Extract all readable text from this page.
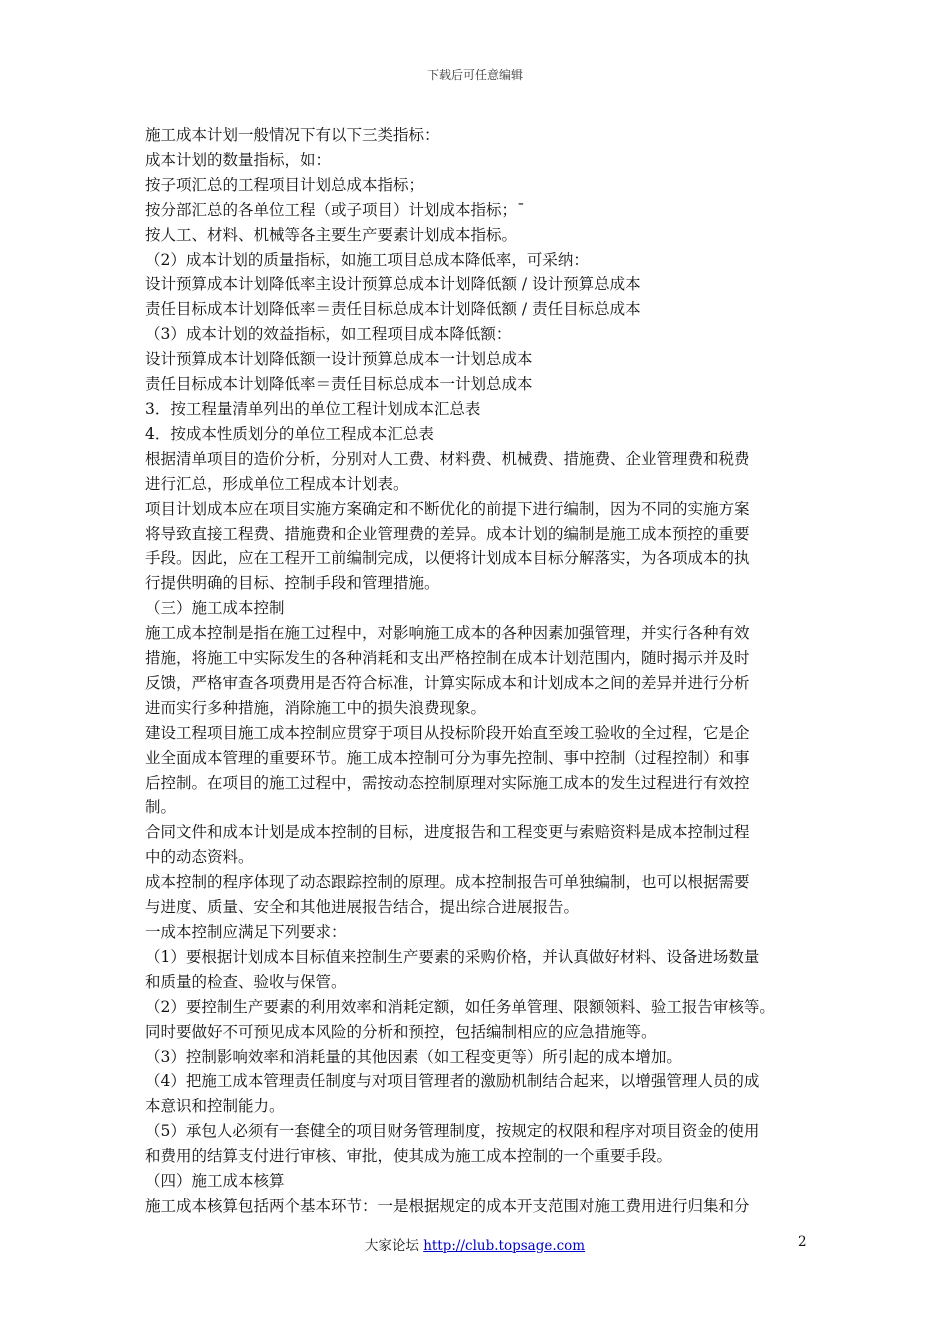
下载后可任意编辑
施工成本计划一般情况下有以下三类指标：
成本计划的数量指标，如：
按子项汇总的工程项目计划总成本指标；
按分部汇总的各单位工程（或子项目）计划成本指标；¯
按人工、材料、机械等各主要生产要素计划成本指标。
（2）成本计划的质量指标，如施工项目总成本降低率，可采纳：
设计预算成本计划降低率主设计预算总成本计划降低额 / 设计预算总成本
责任目标成本计划降低率＝责任目标总成本计划降低额 / 责任目标总成本
（3）成本计划的效益指标，如工程项目成本降低额：
设计预算成本计划降低额一设计预算总成本一计划总成本
责任目标成本计划降低率＝责任目标总成本一计划总成本
3．按工程量清单列出的单位工程计划成本汇总表
4．按成本性质划分的单位工程成本汇总表
根据清单项目的造价分析，分别对人工费、材料费、机械费、措施费、企业管理费和税费
进行汇总，形成单位工程成本计划表。
项目计划成本应在项目实施方案确定和不断优化的前提下进行编制，因为不同的实施方案
将导致直接工程费、措施费和企业管理费的差异。成本计划的编制是施工成本预控的重要
手段。因此，应在工程开工前编制完成，以便将计划成本目标分解落实，为各项成本的执
行提供明确的目标、控制手段和管理措施。
（三）施工成本控制
施工成本控制是指在施工过程中，对影响施工成本的各种因素加强管理，并实行各种有效
措施，将施工中实际发生的各种消耗和支出严格控制在成本计划范围内，随时揭示并及时
反馈，严格审查各项费用是否符合标准，计算实际成本和计划成本之间的差异并进行分析
进而实行多种措施，消除施工中的损失浪费现象。
建设工程项目施工成本控制应贯穿于项目从投标阶段开始直至竣工验收的全过程，它是企
业全面成本管理的重要环节。施工成本控制可分为事先控制、事中控制（过程控制）和事
后控制。在项目的施工过程中，需按动态控制原理对实际施工成本的发生过程进行有效控
制。
合同文件和成本计划是成本控制的目标，进度报告和工程变更与索赔资料是成本控制过程
中的动态资料。
成本控制的程序体现了动态跟踪控制的原理。成本控制报告可单独编制，也可以根据需要
与进度、质量、安全和其他进展报告结合，提出综合进展报告。
一成本控制应满足下列要求：
（1）要根据计划成本目标值来控制生产要素的采购价格，并认真做好材料、设备进场数量
和质量的检查、验收与保管。
（2）要控制生产要素的利用效率和消耗定额，如任务单管理、限额领料、验工报告审核等。
同时要做好不可预见成本风险的分析和预控，包括编制相应的应急措施等。
（3）控制影响效率和消耗量的其他因素（如工程变更等）所引起的成本增加。
（4）把施工成本管理责任制度与对项目管理者的激励机制结合起来，以增强管理人员的成
本意识和控制能力。
（5）承包人必须有一套健全的项目财务管理制度，按规定的权限和程序对项目资金的使用
和费用的结算支付进行审核、审批，使其成为施工成本控制的一个重要手段。
（四）施工成本核算
施工成本核算包括两个基本环节：一是根据规定的成本开支范围对施工费用进行归集和分
大家论坛 http://club.topsage.com	2
